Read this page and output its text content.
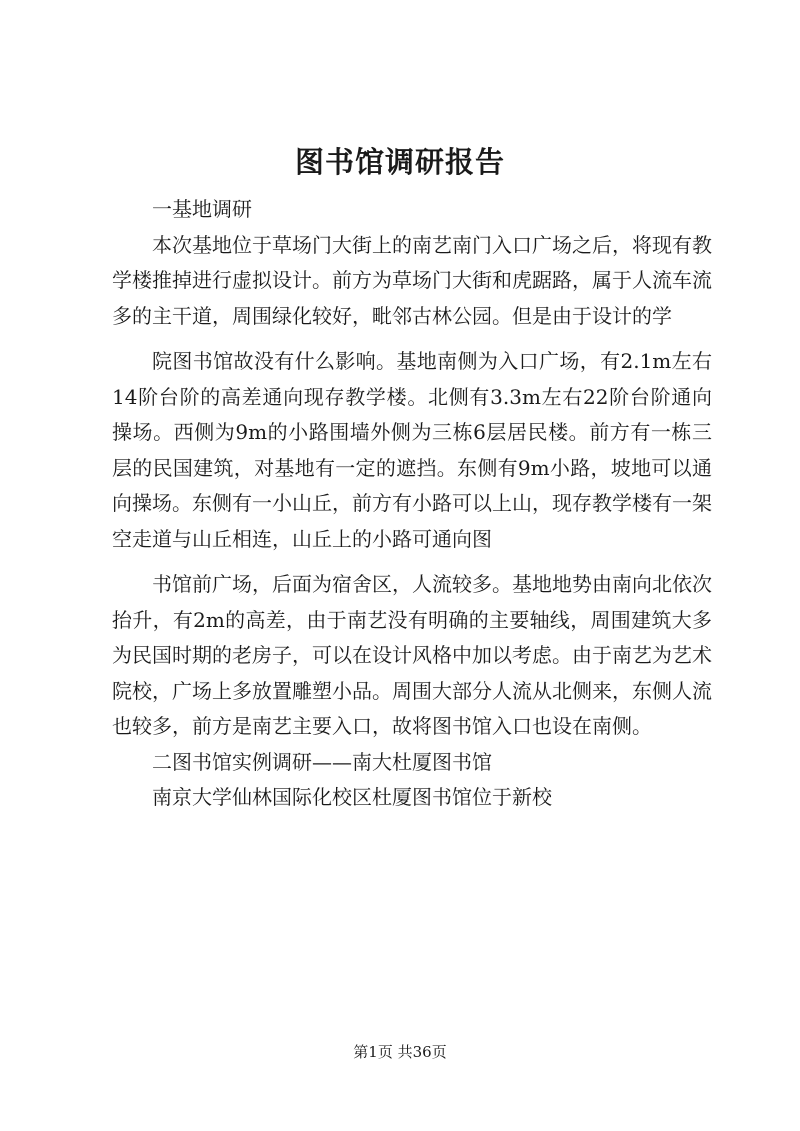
图书馆调研报告

一基地调研

本次基地位于草场门大街上的南艺南门入口广场之后，将现有教学楼推掉进行虚拟设计。前方为草场门大街和虎踞路，属于人流车流多的主干道，周围绿化较好，毗邻古林公园。但是由于设计的学

院图书馆故没有什么影响。基地南侧为入口广场，有2.1m左右14阶台阶的高差通向现存教学楼。北侧有3.3m左右22阶台阶通向操场。西侧为9m的小路围墙外侧为三栋6层居民楼。前方有一栋三层的民国建筑，对基地有一定的遮挡。东侧有9m小路，坡地可以通向操场。东侧有一小山丘，前方有小路可以上山，现存教学楼有一架空走道与山丘相连，山丘上的小路可通向图

书馆前广场，后面为宿舍区，人流较多。基地地势由南向北依次抬升，有2m的高差，由于南艺没有明确的主要轴线，周围建筑大多为民国时期的老房子，可以在设计风格中加以考虑。由于南艺为艺术院校，广场上多放置雕塑小品。周围大部分人流从北侧来，东侧人流也较多，前方是南艺主要入口，故将图书馆入口也设在南侧。

二图书馆实例调研——南大杜厦图书馆

南京大学仙林国际化校区杜厦图书馆位于新校

第1页 共36页
